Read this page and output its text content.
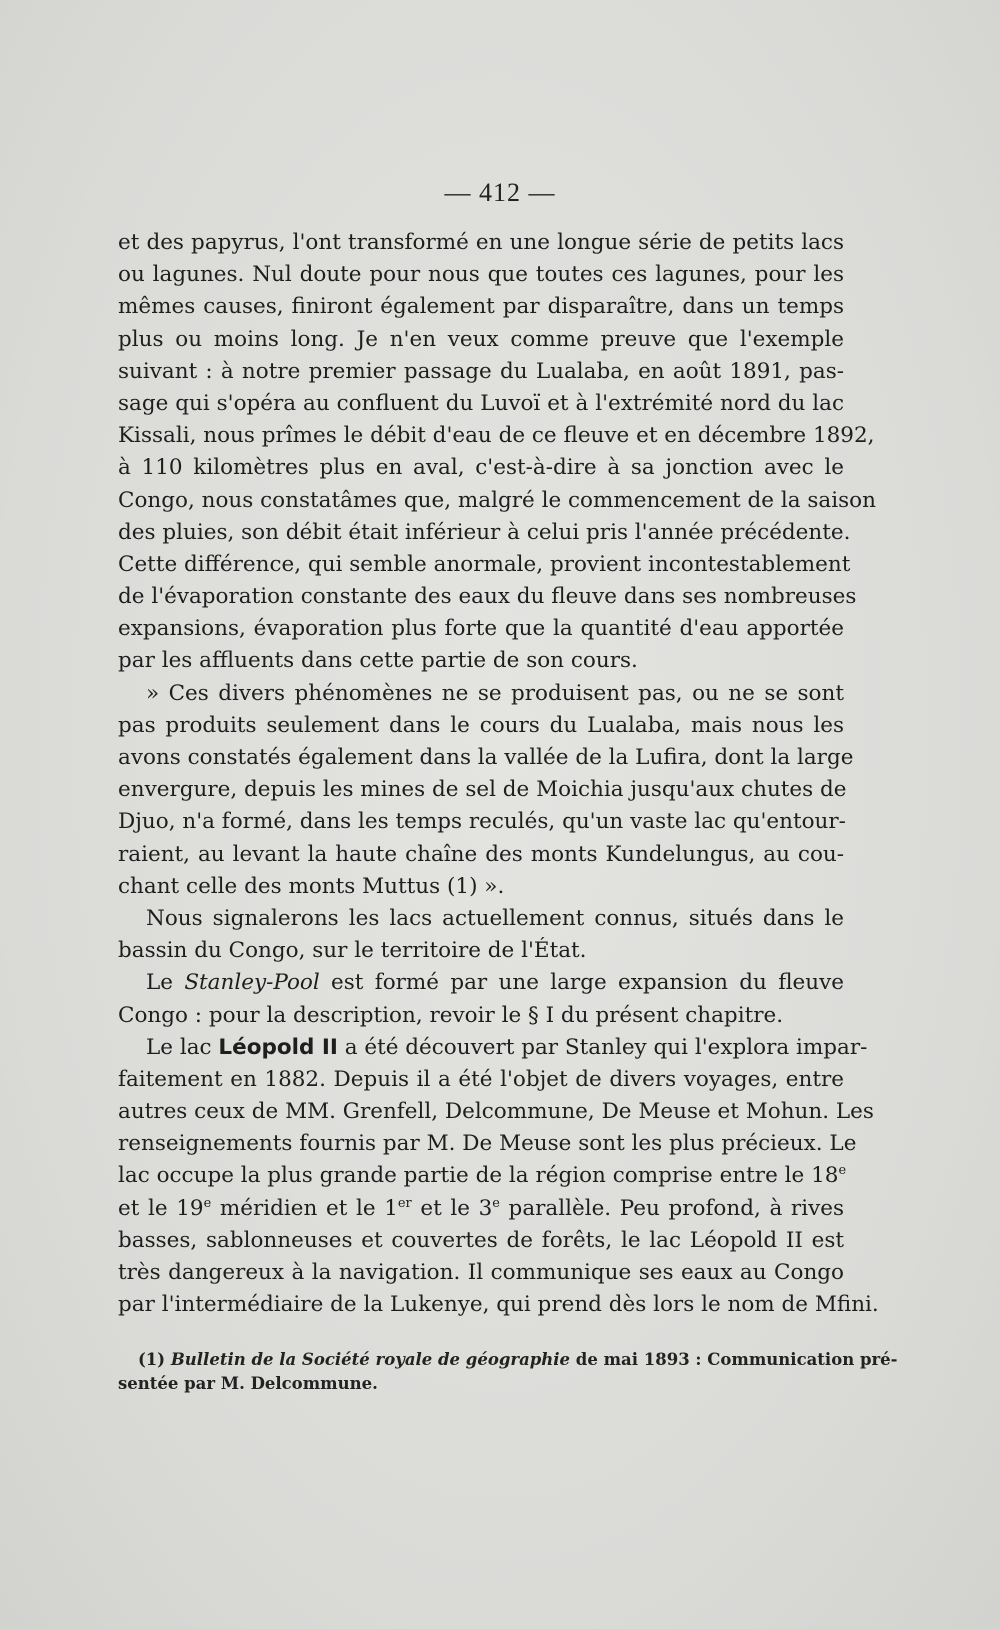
— 412 —
et des papyrus, l'ont transformé en une longue série de petits lacs
ou lagunes. Nul doute pour nous que toutes ces lagunes, pour les
mêmes causes, finiront également par disparaître, dans un temps
plus ou moins long. Je n'en veux comme preuve que l'exemple
suivant : à notre premier passage du Lualaba, en août 1891, pas-
sage qui s'opéra au confluent du Luvoï et à l'extrémité nord du lac
Kissali, nous prîmes le débit d'eau de ce fleuve et en décembre 1892,
à 110 kilomètres plus en aval, c'est-à-dire à sa jonction avec le
Congo, nous constatâmes que, malgré le commencement de la saison
des pluies, son débit était inférieur à celui pris l'année précédente.
Cette différence, qui semble anormale, provient incontestablement
de l'évaporation constante des eaux du fleuve dans ses nombreuses
expansions, évaporation plus forte que la quantité d'eau apportée
par les affluents dans cette partie de son cours.
» Ces divers phénomènes ne se produisent pas, ou ne se sont
pas produits seulement dans le cours du Lualaba, mais nous les
avons constatés également dans la vallée de la Lufira, dont la large
envergure, depuis les mines de sel de Moichia jusqu'aux chutes de
Djuo, n'a formé, dans les temps reculés, qu'un vaste lac qu'entour-
raient, au levant la haute chaîne des monts Kundelungus, au cou-
chant celle des monts Muttus (1) ».
Nous signalerons les lacs actuellement connus, situés dans le
bassin du Congo, sur le territoire de l'État.
Le Stanley-Pool est formé par une large expansion du fleuve
Congo : pour la description, revoir le § I du présent chapitre.
Le lac Léopold II a été découvert par Stanley qui l'explora impar-
faitement en 1882. Depuis il a été l'objet de divers voyages, entre
autres ceux de MM. Grenfell, Delcommune, De Meuse et Mohun. Les
renseignements fournis par M. De Meuse sont les plus précieux. Le
lac occupe la plus grande partie de la région comprise entre le 18e
et le 19e méridien et le 1er et le 3e parallèle. Peu profond, à rives
basses, sablonneuses et couvertes de forêts, le lac Léopold II est
très dangereux à la navigation. Il communique ses eaux au Congo
par l'intermédiaire de la Lukenye, qui prend dès lors le nom de Mfini.
(1) Bulletin de la Société royale de géographie de mai 1893 : Communication pré-
sentée par M. Delcommune.
